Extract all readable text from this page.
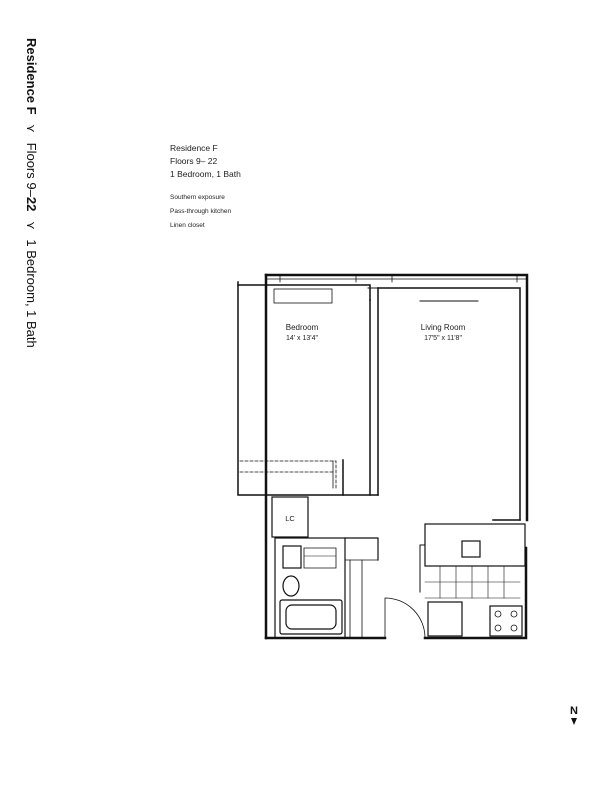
Residence F ⋎ Floors 9–22 ⋎ 1 Bedroom, 1 Bath
Residence F
Floors 9– 22
1 Bedroom, 1 Bath
Southern exposure
Pass-through kitchen
Linen closet
Bedroom
14' x 13'4"
Living Room
17'5" x 11'8"
LC
N
